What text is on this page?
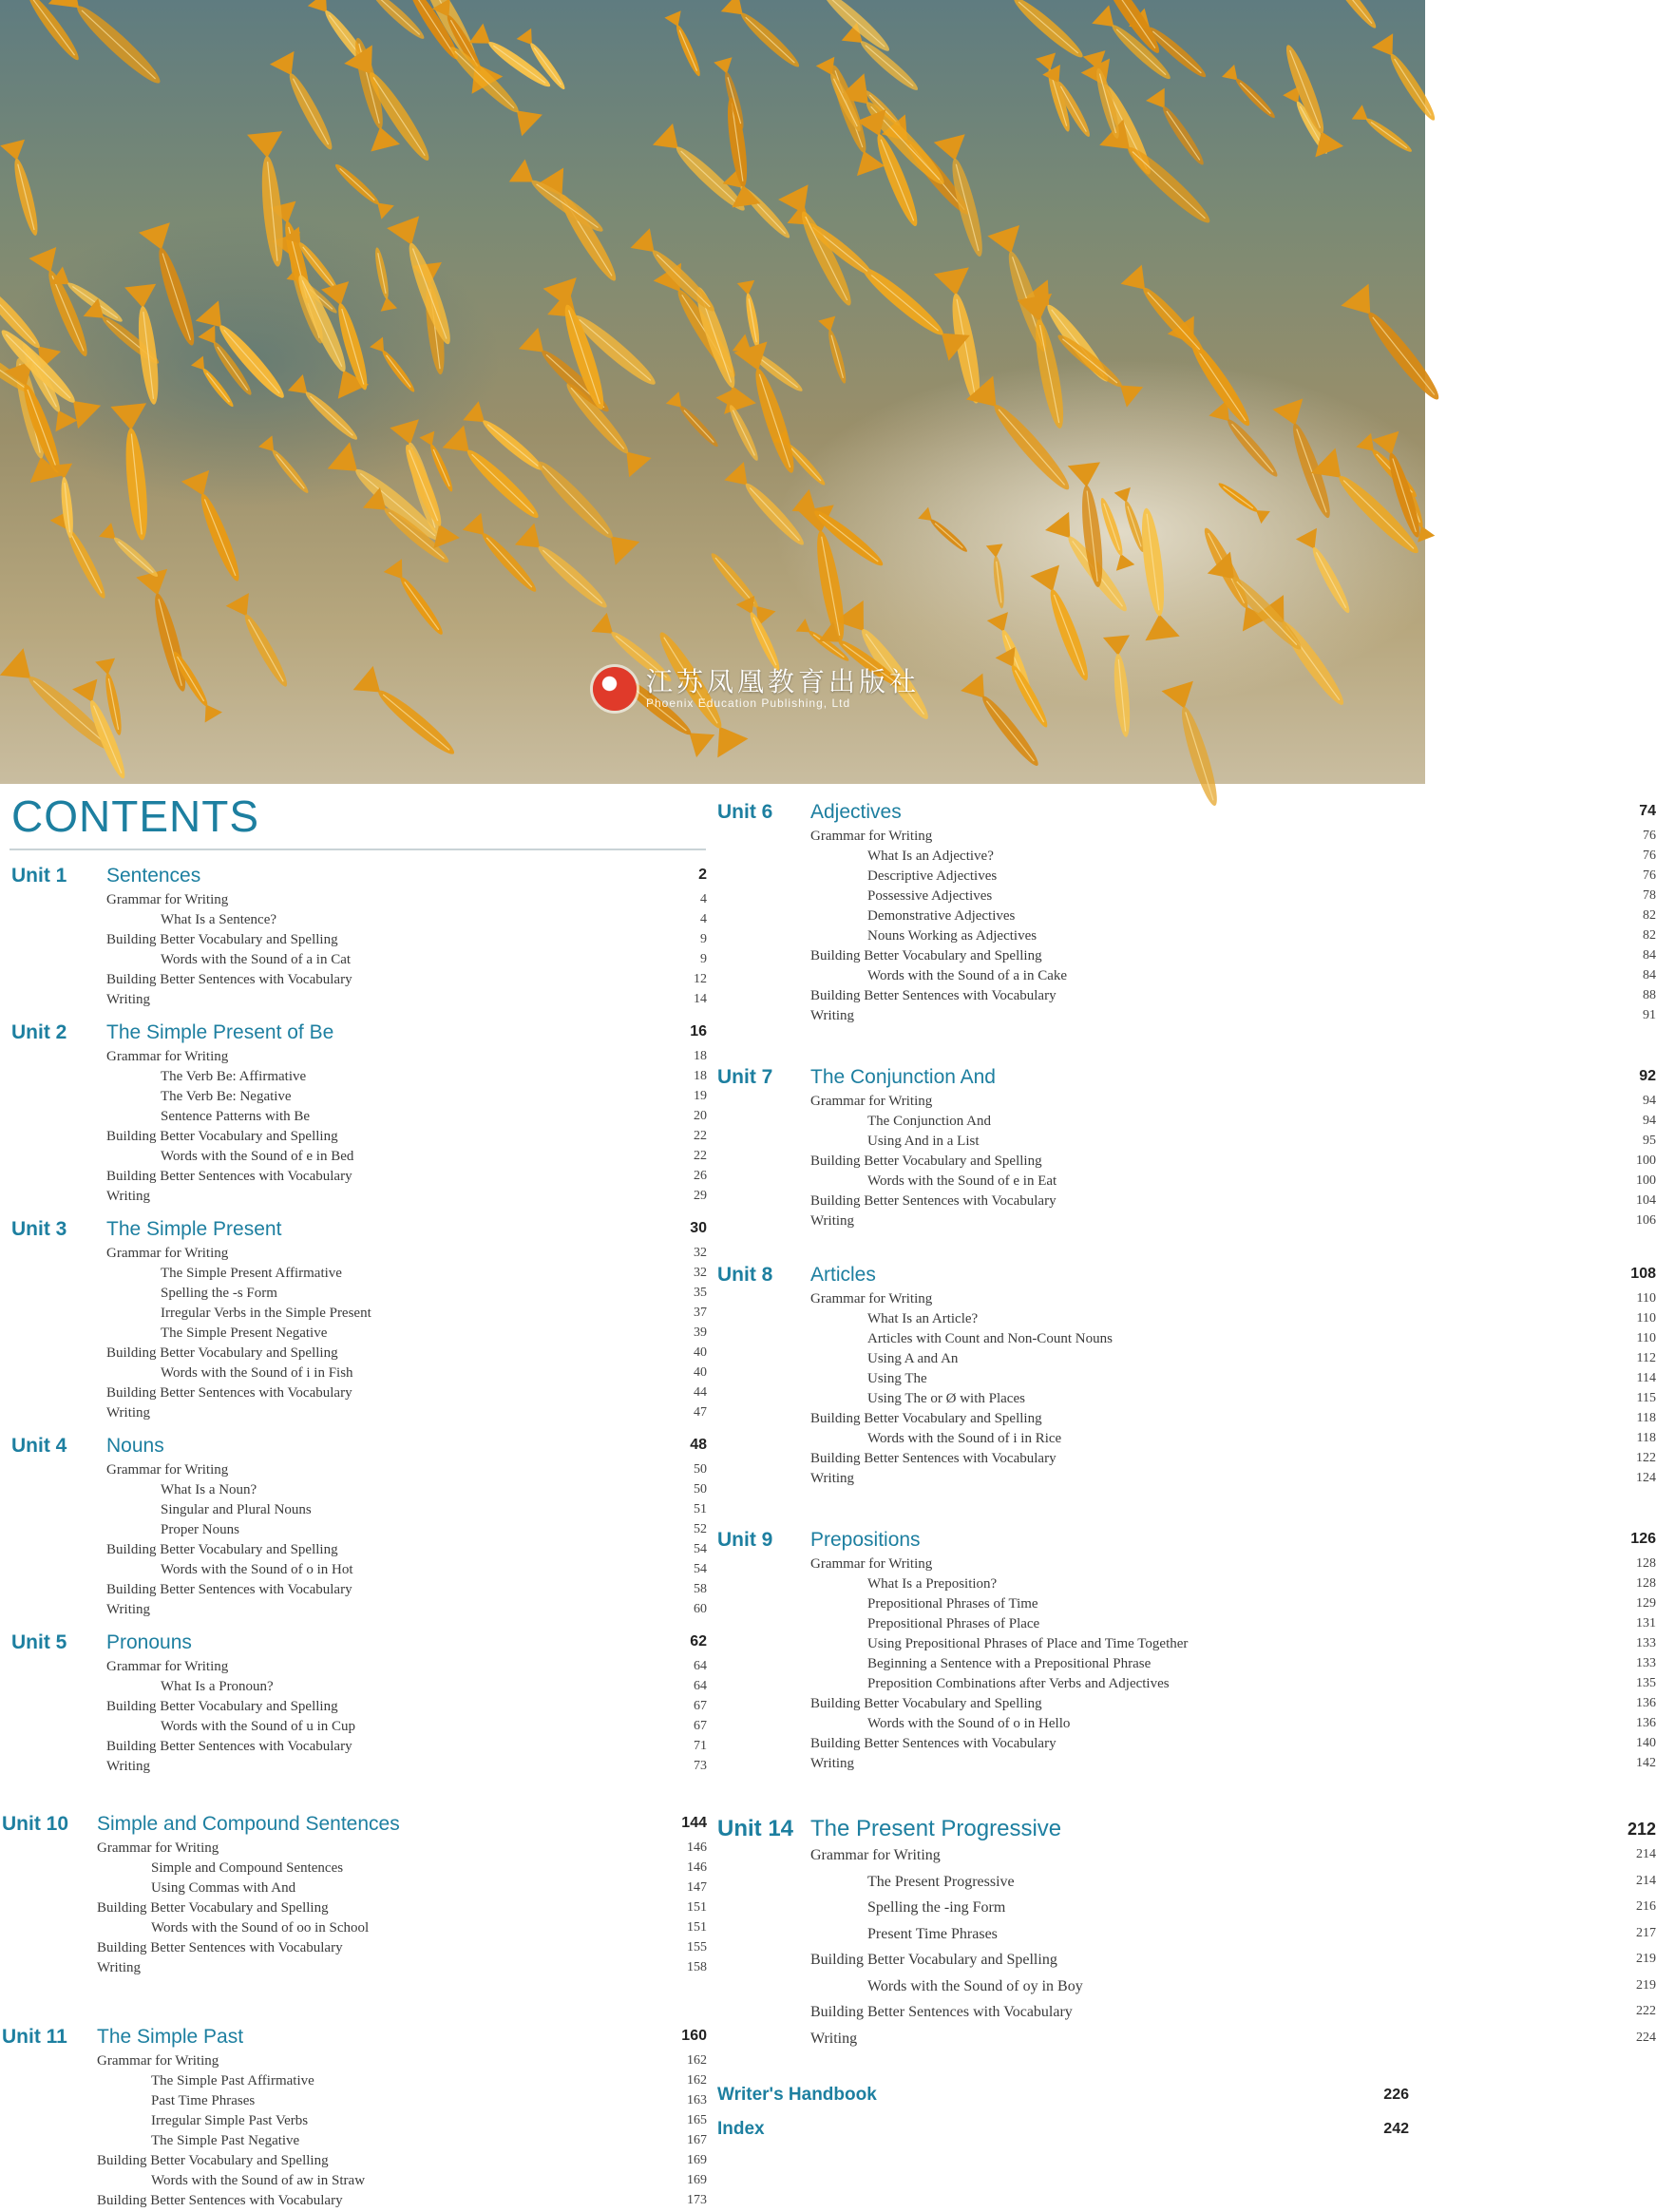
江苏凤凰教育出版社
Phoenix Education Publishing, Ltd
CONTENTS
Unit 1 Sentences	2
Grammar for Writing	4
What Is a Sentence?	4
Building Better Vocabulary and Spelling	9
Words with the Sound of a in Cat	9
Building Better Sentences with Vocabulary	12
Writing	14
Unit 2 The Simple Present of Be	16
Grammar for Writing	18
The Verb Be: Affirmative	18
The Verb Be: Negative	19
Sentence Patterns with Be	20
Building Better Vocabulary and Spelling	22
Words with the Sound of e in Bed	22
Building Better Sentences with Vocabulary	26
Writing	29
Unit 3 The Simple Present	30
Grammar for Writing	32
The Simple Present Affirmative	32
Spelling the -s Form	35
Irregular Verbs in the Simple Present	37
The Simple Present Negative	39
Building Better Vocabulary and Spelling	40
Words with the Sound of i in Fish	40
Building Better Sentences with Vocabulary	44
Writing	47
Unit 4 Nouns	48
Grammar for Writing	50
What Is a Noun?	50
Singular and Plural Nouns	51
Proper Nouns	52
Building Better Vocabulary and Spelling	54
Words with the Sound of o in Hot	54
Building Better Sentences with Vocabulary	58
Writing	60
Unit 5 Pronouns	62
Grammar for Writing	64
What Is a Pronoun?	64
Building Better Vocabulary and Spelling	67
Words with the Sound of u in Cup	67
Building Better Sentences with Vocabulary	71
Writing	73
Unit 10 Simple and Compound Sentences	144
Grammar for Writing	146
Simple and Compound Sentences	146
Using Commas with And	147
Building Better Vocabulary and Spelling	151
Words with the Sound of oo in School	151
Building Better Sentences with Vocabulary	155
Writing	158
Unit 11 The Simple Past	160
Grammar for Writing	162
The Simple Past Affirmative	162
Past Time Phrases	163
Irregular Simple Past Verbs	165
The Simple Past Negative	167
Building Better Vocabulary and Spelling	169
Words with the Sound of aw in Straw	169
Building Better Sentences with Vocabulary	173
Unit 6 Adjectives	74
Grammar for Writing	76
What Is an Adjective?	76
Descriptive Adjectives	76
Possessive Adjectives	78
Demonstrative Adjectives	82
Nouns Working as Adjectives	82
Building Better Vocabulary and Spelling	84
Words with the Sound of a in Cake	84
Building Better Sentences with Vocabulary	88
Writing	91
Unit 7 The Conjunction And	92
Grammar for Writing	94
The Conjunction And	94
Using And in a List	95
Building Better Vocabulary and Spelling	100
Words with the Sound of e in Eat	100
Building Better Sentences with Vocabulary	104
Writing	106
Unit 8 Articles	108
Grammar for Writing	110
What Is an Article?	110
Articles with Count and Non-Count Nouns	110
Using A and An	112
Using The	114
Using The or Ø with Places	115
Building Better Vocabulary and Spelling	118
Words with the Sound of i in Rice	118
Building Better Sentences with Vocabulary	122
Writing	124
Unit 9 Prepositions	126
Grammar for Writing	128
What Is a Preposition?	128
Prepositional Phrases of Time	129
Prepositional Phrases of Place	131
Using Prepositional Phrases of Place and Time Together	133
Beginning a Sentence with a Prepositional Phrase	133
Preposition Combinations after Verbs and Adjectives	135
Building Better Vocabulary and Spelling	136
Words with the Sound of o in Hello	136
Building Better Sentences with Vocabulary	140
Writing	142
Unit 14 The Present Progressive	212
Grammar for Writing	214
The Present Progressive	214
Spelling the -ing Form	216
Present Time Phrases	217
Building Better Vocabulary and Spelling	219
Words with the Sound of oy in Boy	219
Building Better Sentences with Vocabulary	222
Writing	224
Writer's Handbook	226
Index	242
